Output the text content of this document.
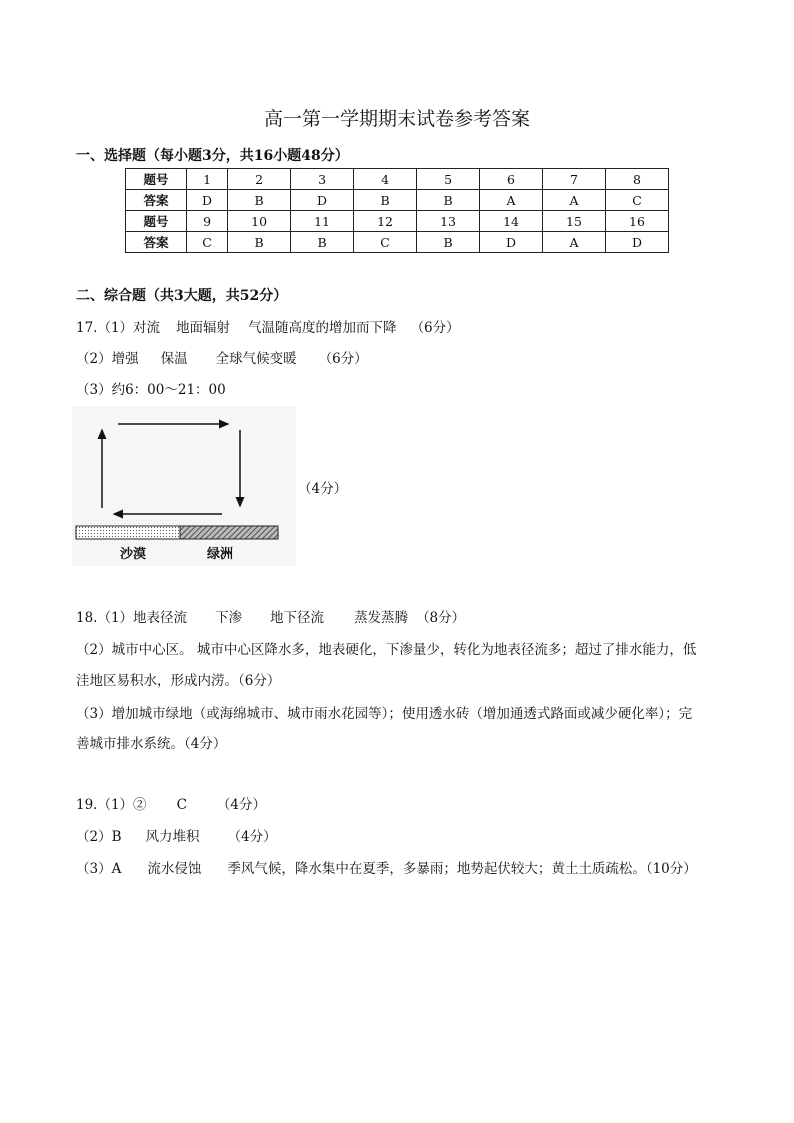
高一第一学期期末试卷参考答案
一、选择题（每小题3分，共16小题48分）
题号	1	2	3	4	5	6	7	8
答案	D	B	D	B	B	A	A	C
题号	9	10	11	12	13	14	15	16
答案	C	B	B	C	B	D	A	D
二、综合题（共3大题，共52分）
17.（1）对流 地面辐射 气温随高度的增加而下降 （6分）
（2）增强 保温 全球气候变暖 （6分）
（3）约6：00～21：00
沙漠	绿洲
（4分）
18.（1）地表径流 下渗 地下径流 蒸发蒸腾 （8分）
（2）城市中心区。 城市中心区降水多，地表硬化，下渗量少，转化为地表径流多；超过了排水能力，低
洼地区易积水，形成内涝。（6分）
（3）增加城市绿地（或海绵城市、城市雨水花园等）；使用透水砖（增加通透式路面或减少硬化率）；完
善城市排水系统。（4分）
19.（1）② C （4分）
（2）B 风力堆积 （4分）
（3）A 流水侵蚀 季风气候，降水集中在夏季，多暴雨；地势起伏较大；黄土土质疏松。（10分）
